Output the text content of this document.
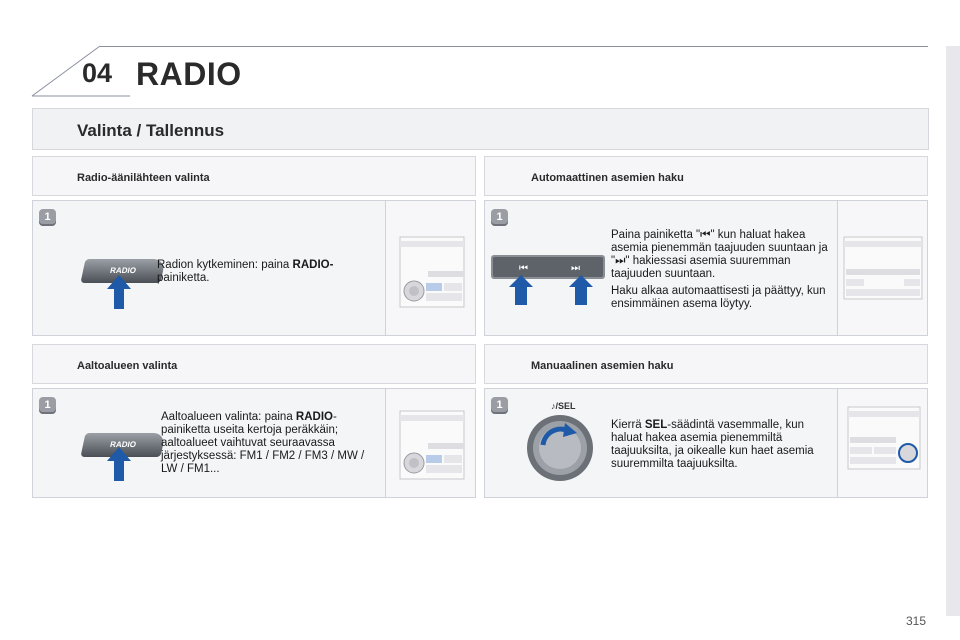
04 RADIO
Valinta / Tallennus
Radio-äänilähteen valinta
1
RADIO	Radion kytkeminen: paina RADIO-
painiketta.
Aaltoalueen valinta
1
RADIO
Aaltoalueen valinta: paina RADIO-painiketta useita kertoja peräkkäin; aaltoalueet vaihtuvat seuraavassa järjestyksessä: FM1 / FM2 / FM3 / MW / LW / FM1...
Automaattinen asemien haku
1
⏮	⏭
Paina painiketta "⏮" kun haluat hakea asemia pienemmän taajuuden suuntaan ja "⏭" hakiessasi asemia suuremman taajuuden suuntaan.
Haku alkaa automaattisesti ja päättyy, kun ensimmäinen asema löytyy.
Manuaalinen asemien haku
1	♪/SEL
Kierrä SEL-säädintä vasemmalle, kun haluat hakea asemia pienemmiltä taajuuksilta, ja oikealle kun haet asemia suuremmilta taajuuksilta.
315
